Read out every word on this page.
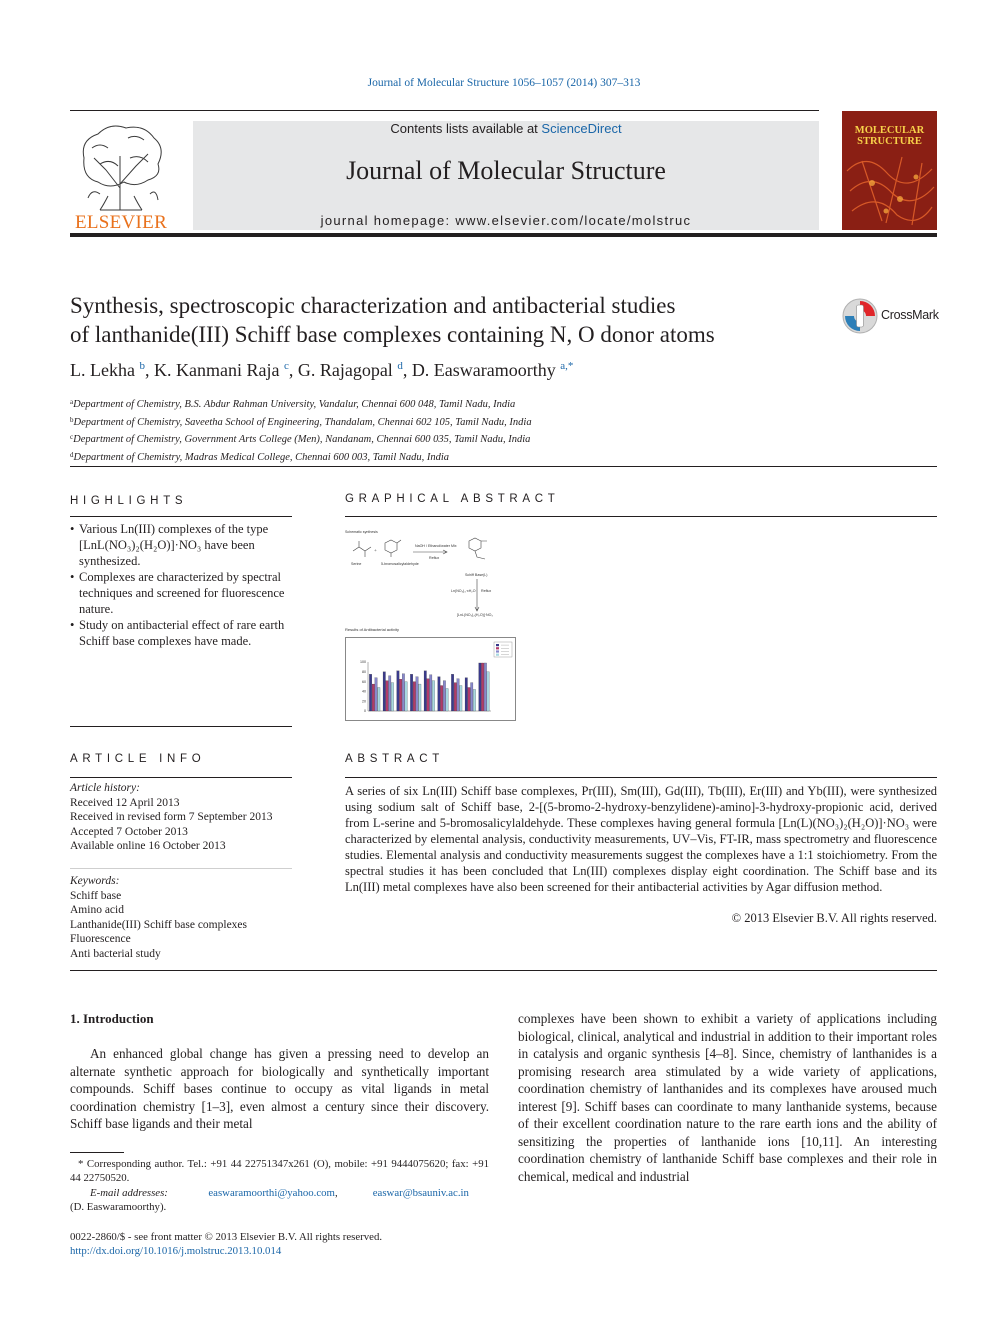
Journal of Molecular Structure 1056–1057 (2014) 307–313
ELSEVIER
Contents lists available at ScienceDirect
Journal of Molecular Structure
journal homepage: www.elsevier.com/locate/molstruc
MOLECULAR
STRUCTURE
Synthesis, spectroscopic characterization and antibacterial studies
of lanthanide(III) Schiff base complexes containing N, O donor atoms
CrossMark
L. Lekha $^b$, K. Kanmani Raja $^c$, G. Rajagopal $^d$, D. Easwaramoorthy $^{a,*}$
$^a$Department of Chemistry, B.S. Abdur Rahman University, Vandalur, Chennai 600 048, Tamil Nadu, India
$^b$Department of Chemistry, Saveetha School of Engineering, Thandalam, Chennai 602 105, Tamil Nadu, India
$^c$Department of Chemistry, Government Arts College (Men), Nandanam, Chennai 600 035, Tamil Nadu, India
$^d$Department of Chemistry, Madras Medical College, Chennai 600 003, Tamil Nadu, India
HIGHLIGHTS
• Various Ln(III) complexes of the type [LnL(NO₃)₂(H₂O)]·NO₃ have been synthesized.
• Complexes are characterized by spectral techniques and screened for fluorescence nature.
• Study on antibacterial effect of rare earth Schiff base complexes have made.
GRAPHICAL ABSTRACT
Schematic synthesis
Serine	5-bromosalicylaldehyde
NaOH / Ethanol/water Mix
Reflux
Schiff Base(L)
Ln(NO₃)₃·xH₂O Reflux
[LnL(NO₃)₂(H₂O)]·NO₃
+
Results of Antibacterial activity
0
20
40
60
80
100
ARTICLE INFO
Article history:
Received 12 April 2013
Received in revised form 7 September 2013
Accepted 7 October 2013
Available online 16 October 2013
Keywords:
Schiff base
Amino acid
Lanthanide(III) Schiff base complexes
Fluorescence
Anti bacterial study
ABSTRACT
A series of six Ln(III) Schiff base complexes, Pr(III), Sm(III), Gd(III), Tb(III), Er(III) and Yb(III), were synthesized using sodium salt of Schiff base, 2-[(5-bromo-2-hydroxy-benzylidene)-amino]-3-hydroxy-propionic acid, derived from L-serine and 5-bromosalicylaldehyde. These complexes having general formula [Ln(L)(NO₃)₂(H₂O)]·NO₃ were characterized by elemental analysis, conductivity measurements, UV–Vis, FT-IR, mass spectrometry and fluorescence studies. Elemental analysis and conductivity measurements suggest the complexes have a 1:1 stoichiometry. From the spectral studies it has been concluded that Ln(III) complexes display eight coordination. The Schiff base and its Ln(III) metal complexes have also been screened for their antibacterial activities by Agar diffusion method.
© 2013 Elsevier B.V. All rights reserved.
1. Introduction
An enhanced global change has given a pressing need to develop an alternate synthetic approach for biologically and synthetically important compounds. Schiff bases continue to occupy as vital ligands in metal coordination chemistry [1–3], even almost a century since their discovery. Schiff base ligands and their metal
complexes have been shown to exhibit a variety of applications including biological, clinical, analytical and industrial in addition to their important roles in catalysis and organic synthesis [4–8]. Since, chemistry of lanthanides is a promising research area stimulated by a wide variety of applications, coordination chemistry of lanthanides and its complexes have aroused much interest [9]. Schiff bases can coordinate to many lanthanide systems, because of their excellent coordination nature to the rare earth ions and the ability of sensitizing the properties of lanthanide ions [10,11]. An interesting coordination chemistry of lanthanide Schiff base complexes and their role in chemical, medical and industrial
* Corresponding author. Tel.: +91 44 22751347x261 (O), mobile: +91 9444075620; fax: +91 44 22750520.
E-mail addresses:	easwaramoorthi@yahoo.com,             easwar@bsauniv.ac.in
(D. Easwaramoorthy).
0022-2860/$ - see front matter © 2013 Elsevier B.V. All rights reserved.
http://dx.doi.org/10.1016/j.molstruc.2013.10.014
